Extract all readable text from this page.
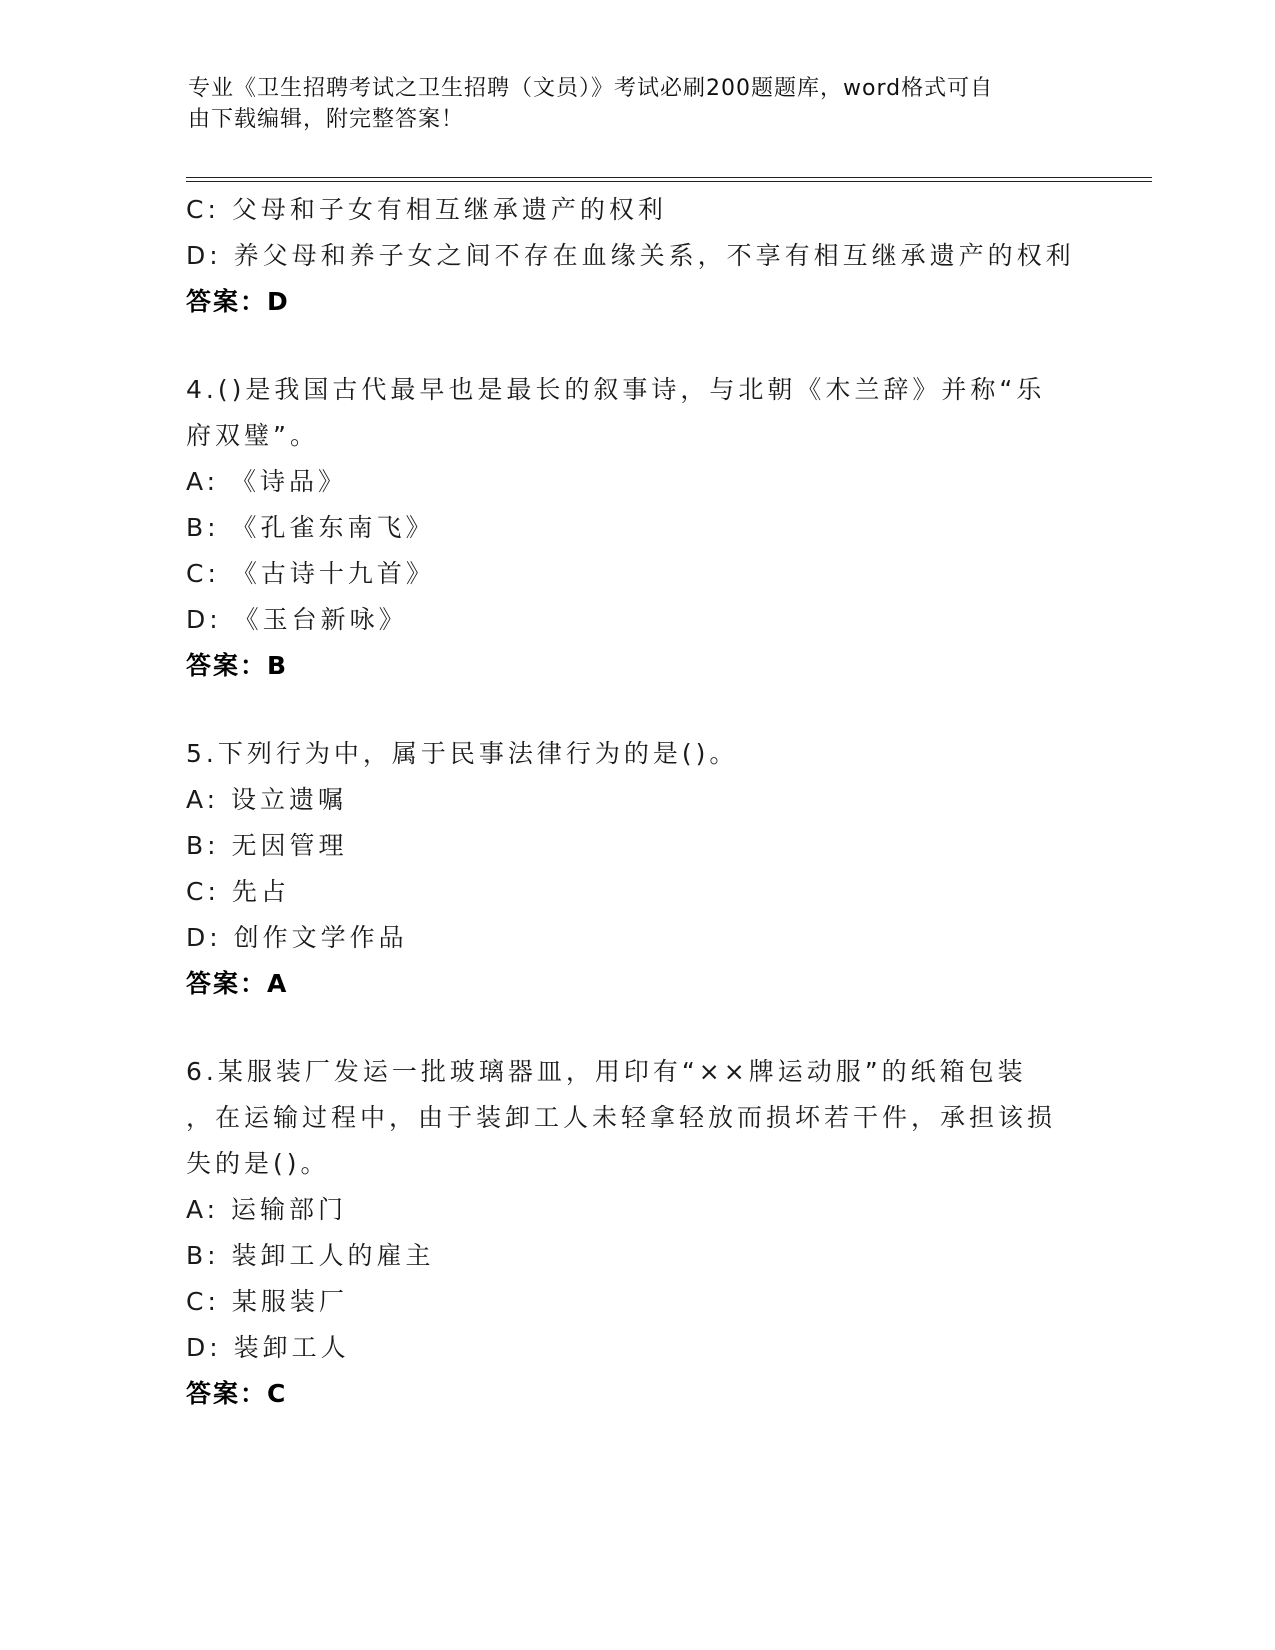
专业《卫生招聘考试之卫生招聘（文员）》考试必刷200题题库，word格式可自
由下载编辑，附完整答案！
C: 父母和子女有相互继承遗产的权利
D: 养父母和养子女之间不存在血缘关系，不享有相互继承遗产的权利
答案：D
4.()是我国古代最早也是最长的叙事诗，与北朝《木兰辞》并称“乐
府双璧”。
A: 《诗品》
B: 《孔雀东南飞》
C: 《古诗十九首》
D: 《玉台新咏》
答案：B
5.下列行为中，属于民事法律行为的是()。
A: 设立遗嘱
B: 无因管理
C: 先占
D: 创作文学作品
答案：A
6.某服装厂发运一批玻璃器皿，用印有“××牌运动服”的纸箱包装
，在运输过程中，由于装卸工人未轻拿轻放而损坏若干件，承担该损
失的是()。
A: 运输部门
B: 装卸工人的雇主
C: 某服装厂
D: 装卸工人
答案：C
